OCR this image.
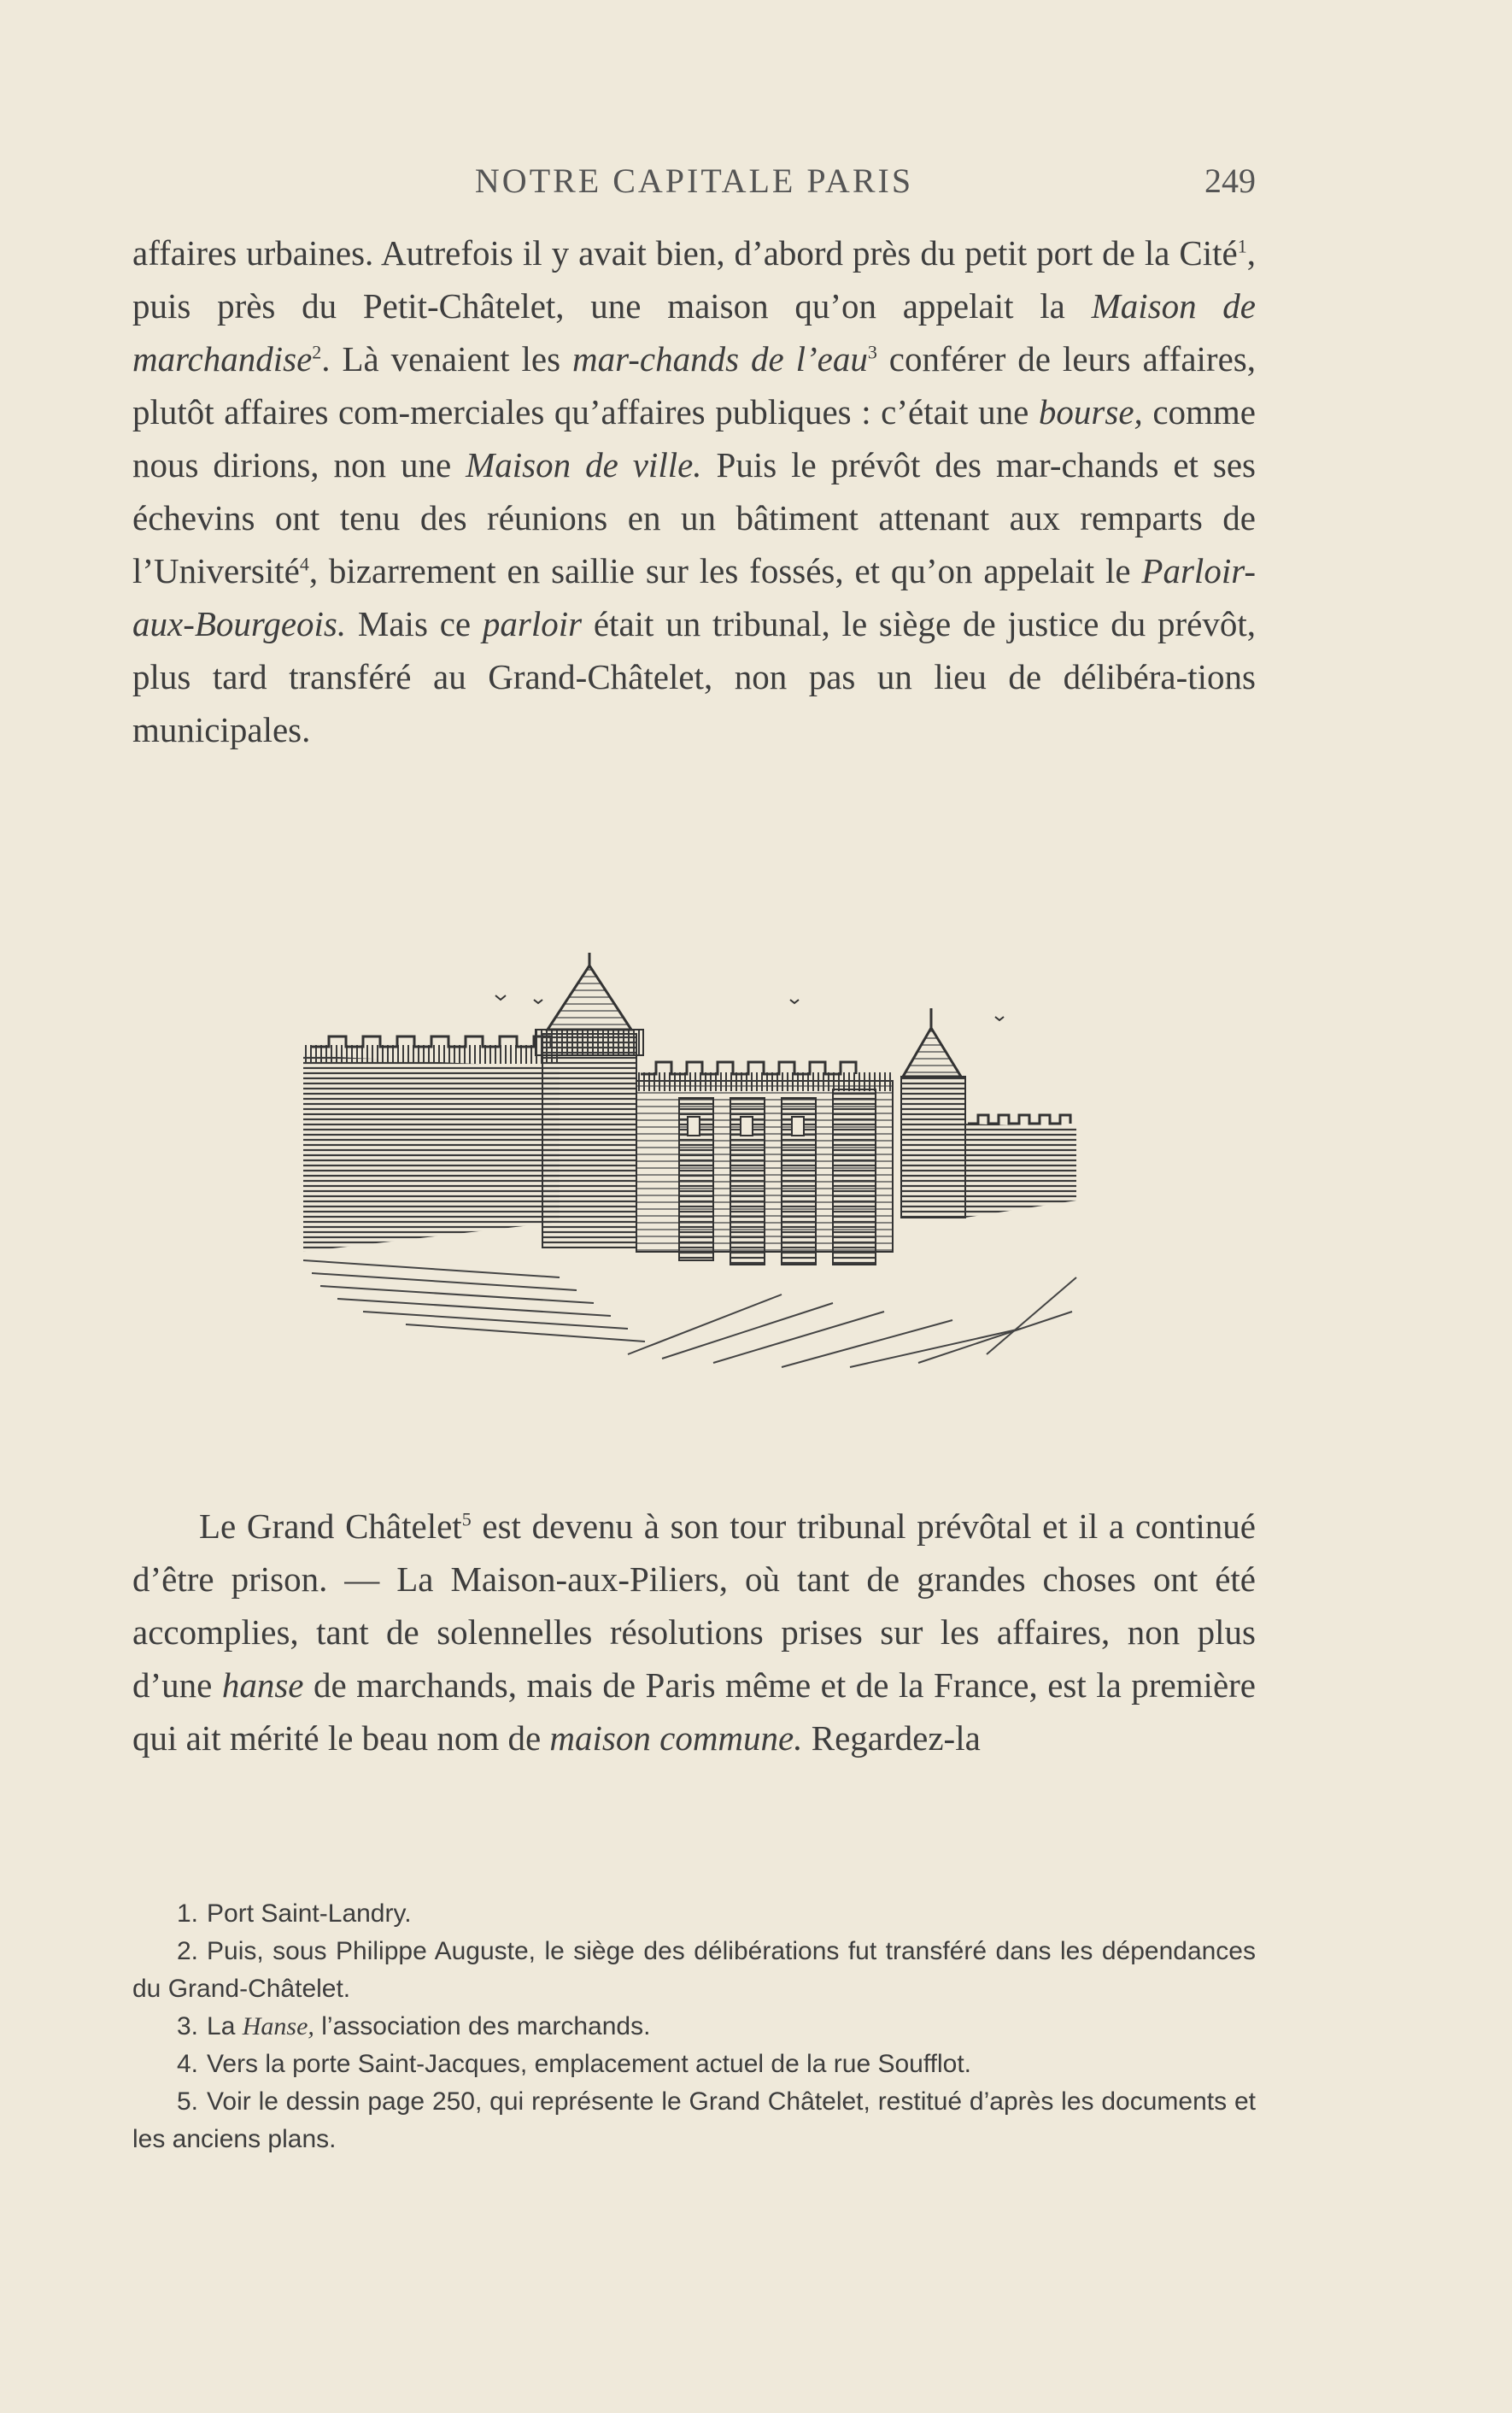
NOTRE CAPITALE PARIS	249

affaires urbaines. Autrefois il y avait bien, d’abord près du petit port de la Cité$^1$, puis près du Petit-Châtelet, une maison qu’on appelait la Maison de marchandise$^2$. Là venaient les mar-chands de l’eau$^3$ conférer de leurs affaires, plutôt affaires com-merciales qu’affaires publiques : c’était une bourse, comme nous dirions, non une Maison de ville. Puis le prévôt des mar-chands et ses échevins ont tenu des réunions en un bâtiment attenant aux remparts de l’Université$^4$, bizarrement en saillie sur les fossés, et qu’on appelait le Parloir-aux-Bourgeois. Mais ce parloir était un tribunal, le siège de justice du prévôt, plus tard transféré au Grand-Châtelet, non pas un lieu de délibéra-tions municipales.

Le Grand Châtelet$^5$ est devenu à son tour tribunal prévôtal et il a continué d’être prison. — La Maison-aux-Piliers, où tant de grandes choses ont été accomplies, tant de solennelles résolutions prises sur les affaires, non plus d’une hanse de marchands, mais de Paris même et de la France, est la première qui ait mérité le beau nom de maison commune. Regardez-la

1. Port Saint-Landry.

2. Puis, sous Philippe Auguste, le siège des délibérations fut transféré dans les dépendances du Grand-Châtelet.

3. La Hanse, l’association des marchands.

4. Vers la porte Saint-Jacques, emplacement actuel de la rue Soufflot.

5. Voir le dessin page 250, qui représente le Grand Châtelet, restitué d’après les documents et les anciens plans.
